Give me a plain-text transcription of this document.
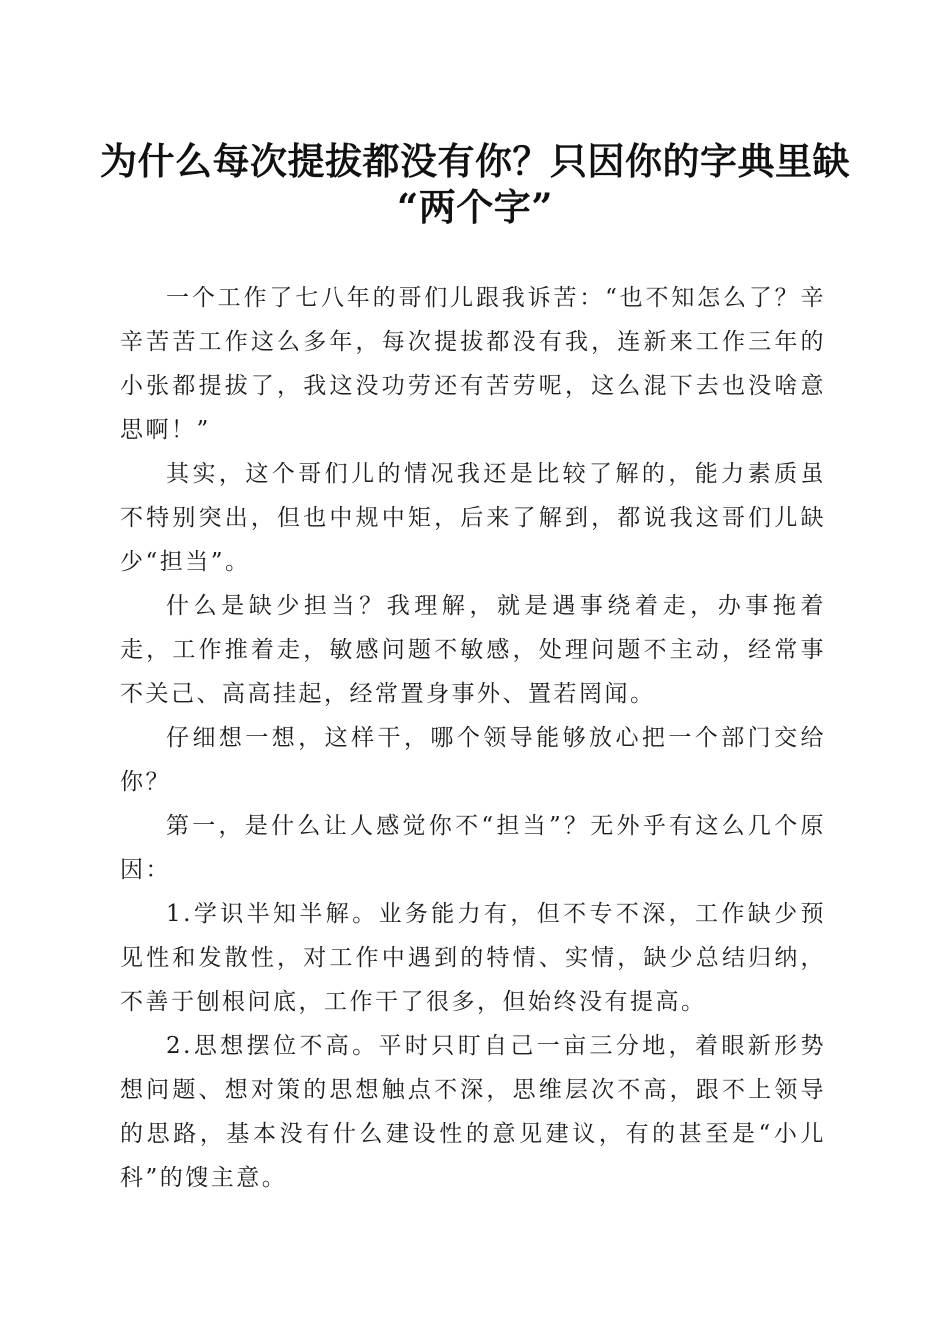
为什么每次提拔都没有你？只因你的字典里缺
“两个字”

一个工作了七八年的哥们儿跟我诉苦：“也不知怎么了？辛辛苦苦工作这么多年，每次提拔都没有我，连新来工作三年的小张都提拔了，我这没功劳还有苦劳呢，这么混下去也没啥意思啊！”

其实，这个哥们儿的情况我还是比较了解的，能力素质虽不特别突出，但也中规中矩，后来了解到，都说我这哥们儿缺少“担当”。

什么是缺少担当？我理解，就是遇事绕着走，办事拖着走，工作推着走，敏感问题不敏感，处理问题不主动，经常事不关己、高高挂起，经常置身事外、置若罔闻。

仔细想一想，这样干，哪个领导能够放心把一个部门交给你？

第一，是什么让人感觉你不“担当”？无外乎有这么几个原因：

1.学识半知半解。业务能力有，但不专不深，工作缺少预见性和发散性，对工作中遇到的特情、实情，缺少总结归纳，不善于刨根问底，工作干了很多，但始终没有提高。

2.思想摆位不高。平时只盯自己一亩三分地，着眼新形势想问题、想对策的思想触点不深，思维层次不高，跟不上领导的思路，基本没有什么建设性的意见建议，有的甚至是“小儿科”的馊主意。
